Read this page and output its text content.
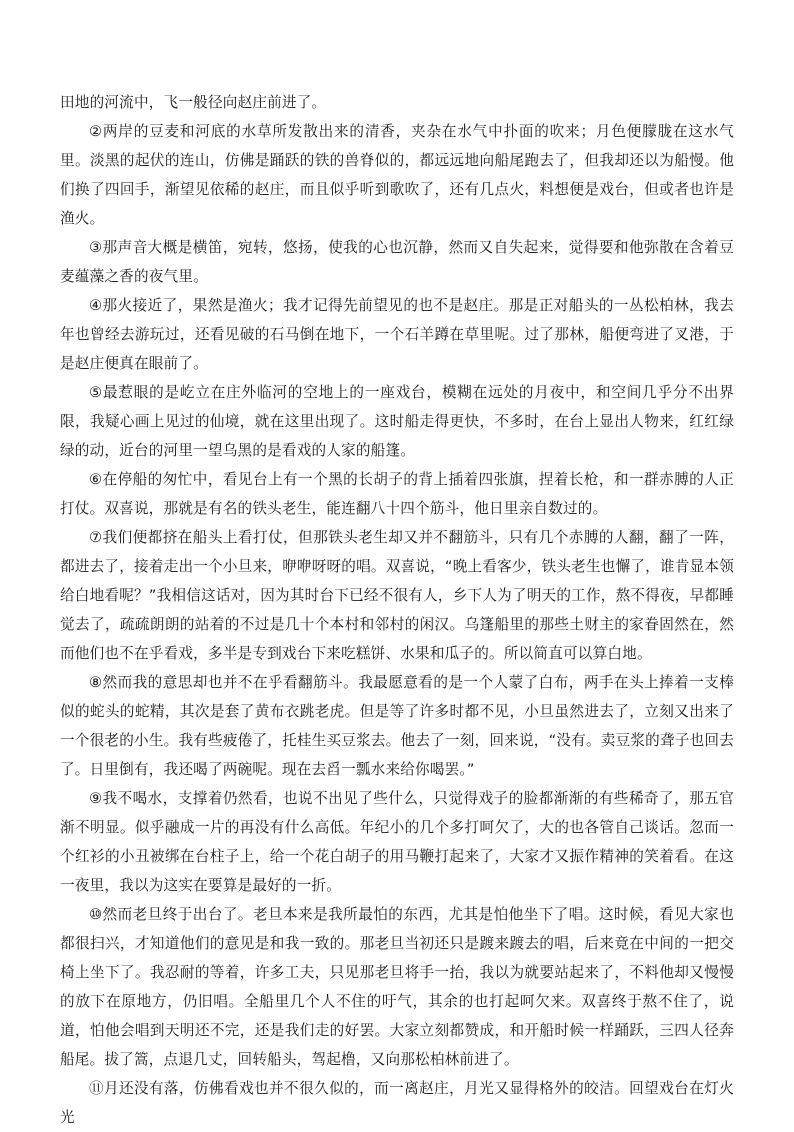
田地的河流中，飞一般径向赵庄前进了。

②两岸的豆麦和河底的水草所发散出来的清香，夹杂在水气中扑面的吹来；月色便朦胧在这水气里。淡黑的起伏的连山，仿佛是踊跃的铁的兽脊似的，都远远地向船尾跑去了，但我却还以为船慢。他们换了四回手，渐望见依稀的赵庄，而且似乎听到歌吹了，还有几点火，料想便是戏台，但或者也许是渔火。

③那声音大概是横笛，宛转，悠扬，使我的心也沉静，然而又自失起来，觉得要和他弥散在含着豆麦蕴藻之香的夜气里。

④那火接近了，果然是渔火；我才记得先前望见的也不是赵庄。那是正对船头的一丛松柏林，我去年也曾经去游玩过，还看见破的石马倒在地下，一个石羊蹲在草里呢。过了那林，船便弯进了叉港，于是赵庄便真在眼前了。

⑤最惹眼的是屹立在庄外临河的空地上的一座戏台，模糊在远处的月夜中，和空间几乎分不出界限，我疑心画上见过的仙境，就在这里出现了。这时船走得更快，不多时，在台上显出人物来，红红绿绿的动，近台的河里一望乌黑的是看戏的人家的船篷。

⑥在停船的匆忙中，看见台上有一个黑的长胡子的背上插着四张旗，捏着长枪，和一群赤膊的人正打仗。双喜说，那就是有名的铁头老生，能连翻八十四个筋斗，他日里亲自数过的。

⑦我们便都挤在船头上看打仗，但那铁头老生却又并不翻筋斗，只有几个赤膊的人翻，翻了一阵，都进去了，接着走出一个小旦来，咿咿呀呀的唱。双喜说，“晚上看客少，铁头老生也懈了，谁肯显本领给白地看呢？”我相信这话对，因为其时台下已经不很有人，乡下人为了明天的工作，熬不得夜，早都睡觉去了，疏疏朗朗的站着的不过是几十个本村和邻村的闲汉。乌篷船里的那些土财主的家眷固然在，然而他们也不在乎看戏，多半是专到戏台下来吃糕饼、水果和瓜子的。所以简直可以算白地。

⑧然而我的意思却也并不在乎看翻筋斗。我最愿意看的是一个人蒙了白布，两手在头上捧着一支棒似的蛇头的蛇精，其次是套了黄布衣跳老虎。但是等了许多时都不见，小旦虽然进去了，立刻又出来了一个很老的小生。我有些疲倦了，托桂生买豆浆去。他去了一刻，回来说，“没有。卖豆浆的聋子也回去了。日里倒有，我还喝了两碗呢。现在去舀一瓢水来给你喝罢。”

⑨我不喝水，支撑着仍然看，也说不出见了些什么，只觉得戏子的脸都渐渐的有些稀奇了，那五官渐不明显。似乎融成一片的再没有什么高低。年纪小的几个多打呵欠了，大的也各管自己谈话。忽而一个红衫的小丑被绑在台柱子上，给一个花白胡子的用马鞭打起来了，大家才又振作精神的笑着看。在这一夜里，我以为这实在要算是最好的一折。

⑩然而老旦终于出台了。老旦本来是我所最怕的东西，尤其是怕他坐下了唱。这时候，看见大家也都很扫兴，才知道他们的意见是和我一致的。那老旦当初还只是踱来踱去的唱，后来竟在中间的一把交椅上坐下了。我忍耐的等着，许多工夫，只见那老旦将手一抬，我以为就要站起来了，不料他却又慢慢的放下在原地方，仍旧唱。全船里几个人不住的吁气，其余的也打起呵欠来。双喜终于熬不住了，说道，怕他会唱到天明还不完，还是我们走的好罢。大家立刻都赞成，和开船时候一样踊跃，三四人径奔船尾。拔了篙，点退几丈，回转船头，驾起橹，又向那松柏林前进了。

⑪月还没有落，仿佛看戏也并不很久似的，而一离赵庄，月光又显得格外的皎洁。回望戏台在灯火光
